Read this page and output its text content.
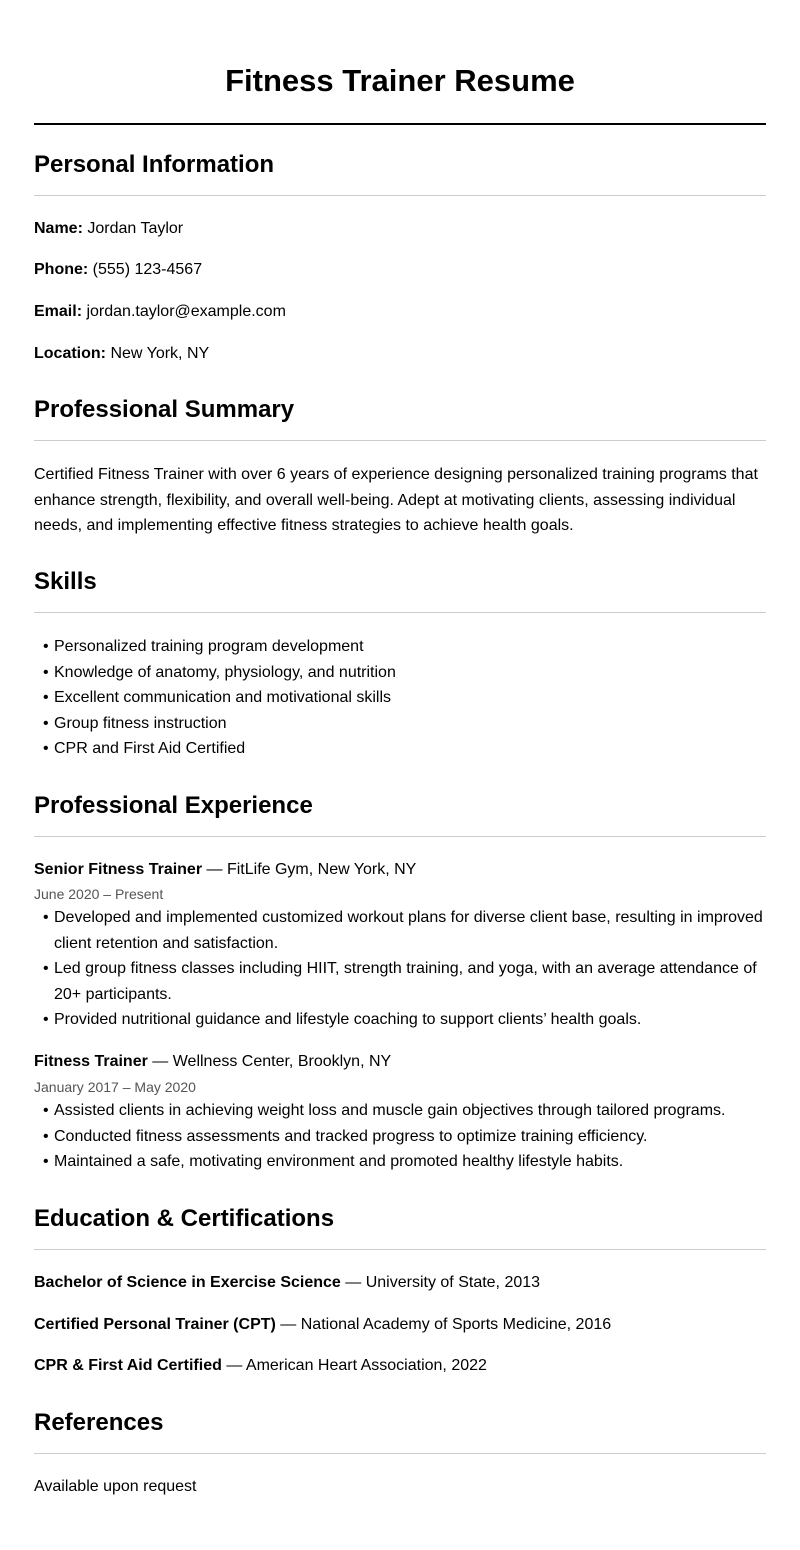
Fitness Trainer Resume
Personal Information
Name: Jordan Taylor
Phone: (555) 123-4567
Email: jordan.taylor@example.com
Location: New York, NY
Professional Summary
Certified Fitness Trainer with over 6 years of experience designing personalized training programs that enhance strength, flexibility, and overall well-being. Adept at motivating clients, assessing individual needs, and implementing effective fitness strategies to achieve health goals.
Skills
• Personalized training program development
• Knowledge of anatomy, physiology, and nutrition
• Excellent communication and motivational skills
• Group fitness instruction
• CPR and First Aid Certified
Professional Experience
Senior Fitness Trainer — FitLife Gym, New York, NY
June 2020 – Present
• Developed and implemented customized workout plans for diverse client base, resulting in improved client retention and satisfaction.
• Led group fitness classes including HIIT, strength training, and yoga, with an average attendance of 20+ participants.
• Provided nutritional guidance and lifestyle coaching to support clients’ health goals.
Fitness Trainer — Wellness Center, Brooklyn, NY
January 2017 – May 2020
• Assisted clients in achieving weight loss and muscle gain objectives through tailored programs.
• Conducted fitness assessments and tracked progress to optimize training efficiency.
• Maintained a safe, motivating environment and promoted healthy lifestyle habits.
Education & Certifications
Bachelor of Science in Exercise Science — University of State, 2013
Certified Personal Trainer (CPT) — National Academy of Sports Medicine, 2016
CPR & First Aid Certified — American Heart Association, 2022
References
Available upon request
